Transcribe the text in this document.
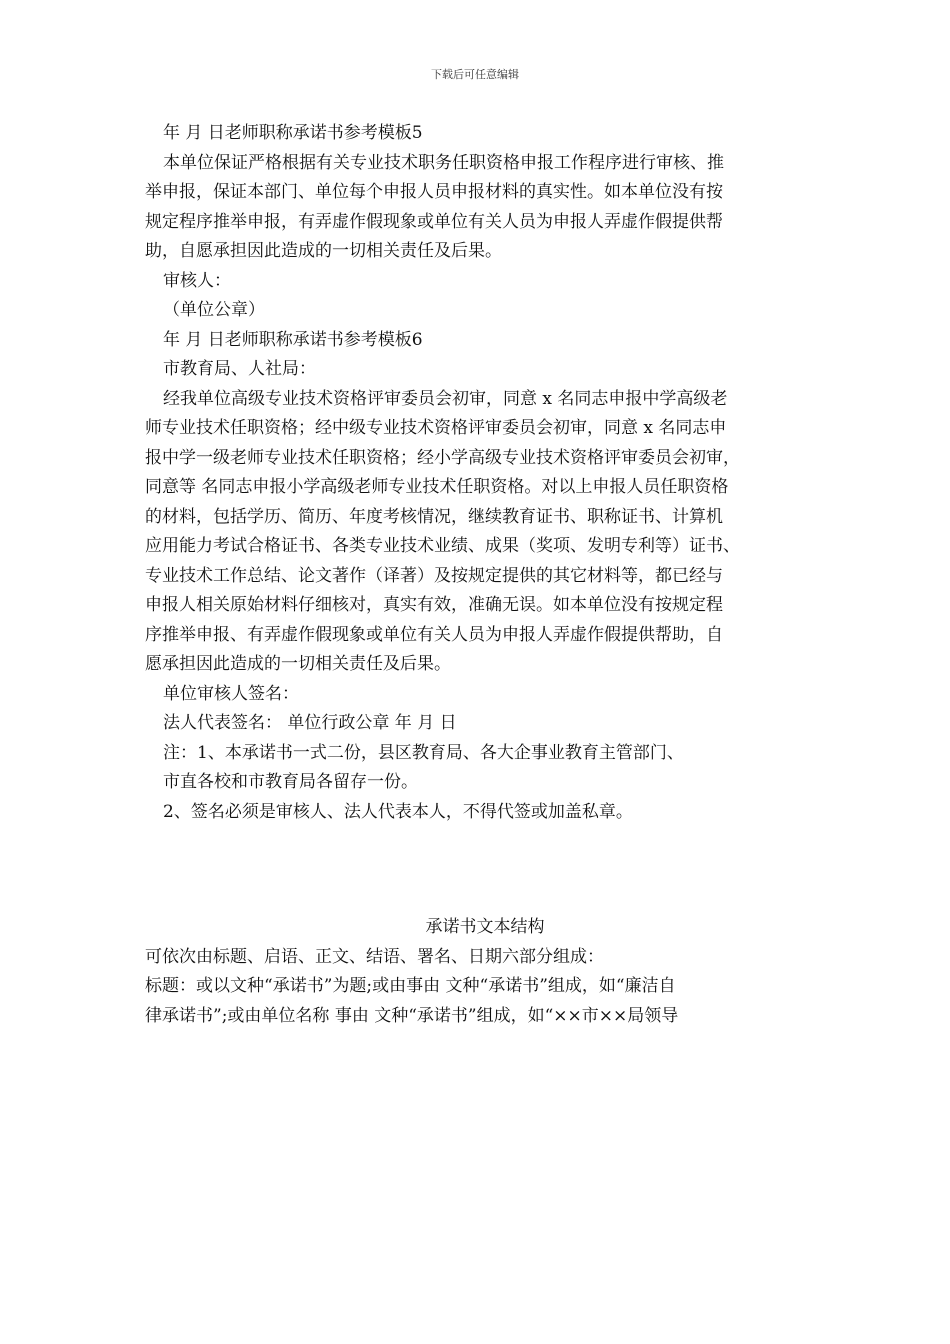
下载后可任意编辑
年 月 日老师职称承诺书参考模板5
本单位保证严格根据有关专业技术职务任职资格申报工作程序进行审核、推
举申报，保证本部门、单位每个申报人员申报材料的真实性。如本单位没有按
规定程序推举申报，有弄虚作假现象或单位有关人员为申报人弄虚作假提供帮
助，自愿承担因此造成的一切相关责任及后果。
审核人：
（单位公章）
年 月 日老师职称承诺书参考模板6
市教育局、人社局：
经我单位高级专业技术资格评审委员会初审，同意 x 名同志申报中学高级老
师专业技术任职资格；经中级专业技术资格评审委员会初审，同意 x 名同志申
报中学一级老师专业技术任职资格；经小学高级专业技术资格评审委员会初审，
同意等 名同志申报小学高级老师专业技术任职资格。对以上申报人员任职资格
的材料，包括学历、简历、年度考核情况，继续教育证书、职称证书、计算机
应用能力考试合格证书、各类专业技术业绩、成果（奖项、发明专利等）证书、
专业技术工作总结、论文著作（译著）及按规定提供的其它材料等，都已经与
申报人相关原始材料仔细核对，真实有效，准确无误。如本单位没有按规定程
序推举申报、有弄虚作假现象或单位有关人员为申报人弄虚作假提供帮助，自
愿承担因此造成的一切相关责任及后果。
单位审核人签名：
法人代表签名： 单位行政公章 年 月 日
注：1、本承诺书一式二份，县区教育局、各大企事业教育主管部门、
市直各校和市教育局各留存一份。
2、签名必须是审核人、法人代表本人，不得代签或加盖私章。
承诺书文本结构
可依次由标题、启语、正文、结语、署名、日期六部分组成：
标题：或以文种“承诺书”为题;或由事由 文种“承诺书”组成，如“廉洁自
律承诺书”;或由单位名称 事由 文种“承诺书”组成，如“××市××局领导
